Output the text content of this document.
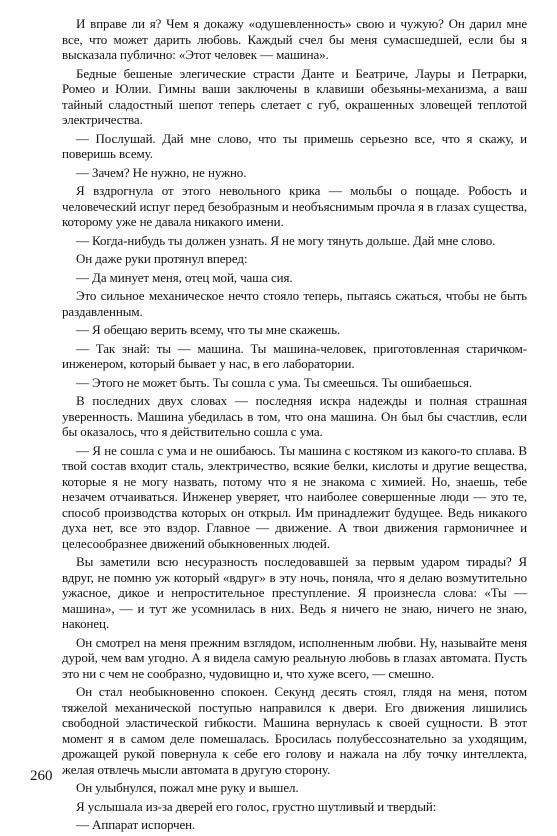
И вправе ли я? Чем я докажу «одушевленность» свою и чужую? Он дарил мне все, что может дарить любовь. Каждый счел бы меня сумасшедшей, если бы я высказала публично: «Этот человек — машина».

Бедные бешеные элегические страсти Данте и Беатриче, Лауры и Петрарки, Ромео и Юлии. Гимны ваши заключены в клавиши обезьяны-механизма, а ваш тайный сладостный шепот теперь слетает с губ, окрашенных зловещей теплотой электричества.

— Послушай. Дай мне слово, что ты примешь серьезно все, что я скажу, и поверишь всему.

— Зачем? Не нужно, не нужно.

Я вздрогнула от этого невольного крика — мольбы о пощаде. Робость и человеческий испуг перед безобразным и необъяснимым прочла я в глазах существа, которому уже не давала никакого имени.

— Когда-нибудь ты должен узнать. Я не могу тянуть дольше. Дай мне слово.

Он даже руки протянул вперед:

— Да минует меня, отец мой, чаша сия.

Это сильное механическое нечто стояло теперь, пытаясь сжаться, чтобы не быть раздавленным.

— Я обещаю верить всему, что ты мне скажешь.

— Так знай: ты — машина. Ты машина-человек, приготовленная старичком-инженером, который бывает у нас, в его лаборатории.

— Этого не может быть. Ты сошла с ума. Ты смеешься. Ты ошибаешься.

В последних двух словах — последняя искра надежды и полная страшная уверенность. Машина убедилась в том, что она машина. Он был бы счастлив, если бы оказалось, что я действительно сошла с ума.

— Я не сошла с ума и не ошибаюсь. Ты машина с костяком из какого-то сплава. В твой состав входит сталь, электричество, всякие белки, кислоты и другие вещества, которые я не могу назвать, потому что я не знакома с химией. Но, знаешь, тебе незачем отчаиваться. Инженер уверяет, что наиболее совершенные люди — это те, способ производства которых он открыл. Им принадлежит будущее. Ведь никакого духа нет, все это вздор. Главное — движение. А твои движения гармоничнее и целесообразнее движений обыкновенных людей.

Вы заметили всю несуразность последовавшей за первым ударом тирады? Я вдруг, не помню уж который «вдруг» в эту ночь, поняла, что я делаю возмутительно ужасное, дикое и непростительное преступление. Я произнесла слова: «Ты — машина», — и тут же усомнилась в них. Ведь я ничего не знаю, ничего не знаю, наконец.

Он смотрел на меня прежним взглядом, исполненным любви. Ну, называйте меня дурой, чем вам угодно. А я видела самую реальную любовь в глазах автомата. Пусть это ни с чем не сообразно, чудовищно и, что хуже всего, — смешно.

Он стал необыкновенно спокоен. Секунд десять стоял, глядя на меня, потом тяжелой механической поступью направился к двери. Его движения лишились свободной эластической гибкости. Машина вернулась к своей сущности. В этот момент я в самом деле помешалась. Бросилась полубессознательно за уходящим, дрожащей рукой повернула к себе его голову и нажала на лбу точку интеллекта, желая отвлечь мысли автомата в другую сторону.

Он улыбнулся, пожал мне руку и вышел.

Я услышала из-за дверей его голос, грустно шутливый и твердый:

— Аппарат испорчен.

260
